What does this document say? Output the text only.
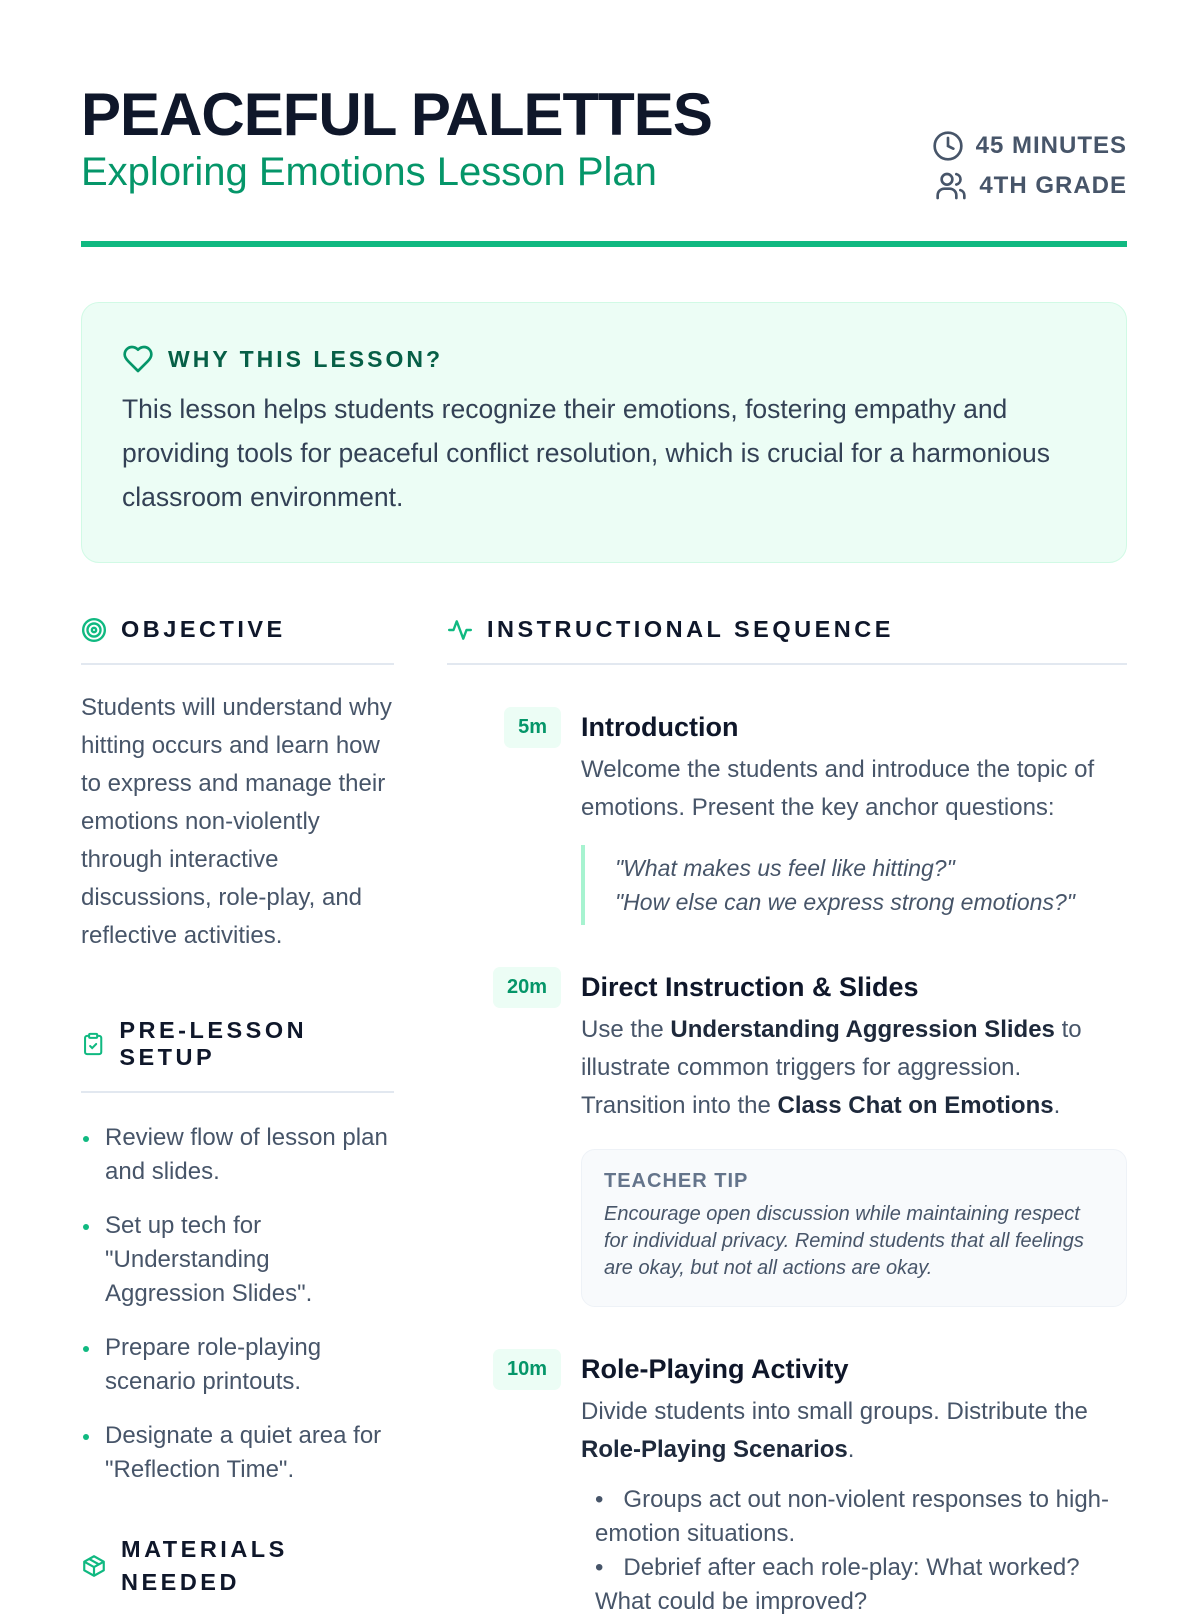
PEACEFUL PALETTES
Exploring Emotions Lesson Plan
45 MINUTES
4TH GRADE
WHY THIS LESSON?

This lesson helps students recognize their emotions, fostering empathy and providing tools for peaceful conflict resolution, which is crucial for a harmonious classroom environment.

OBJECTIVE

Students will understand why hitting occurs and learn how to express and manage their emotions non-violently through interactive discussions, role-play, and reflective activities.

PRE-LESSON SETUP
Review flow of lesson plan and slides.
Set up tech for "Understanding Aggression Slides".
Prepare role-playing scenario printouts.
Designate a quiet area for "Reflection Time".
MATERIALS NEEDED
INSTRUCTIONAL SEQUENCE
5m	Introduction

Welcome the students and introduce the topic of emotions. Present the key anchor questions:

"What makes us feel like hitting?"
"How else can we express strong emotions?"
20m	Direct Instruction & Slides

Use the Understanding Aggression Slides to illustrate common triggers for aggression. Transition into the Class Chat on Emotions.

TEACHER TIP

Encourage open discussion while maintaining respect for individual privacy. Remind students that all feelings are okay, but not all actions are okay.

10m	Role-Playing Activity

Divide students into small groups. Distribute the Role-Playing Scenarios.

•   Groups act out non-violent responses to high-emotion situations.
•   Debrief after each role-play: What worked? What could be improved?
